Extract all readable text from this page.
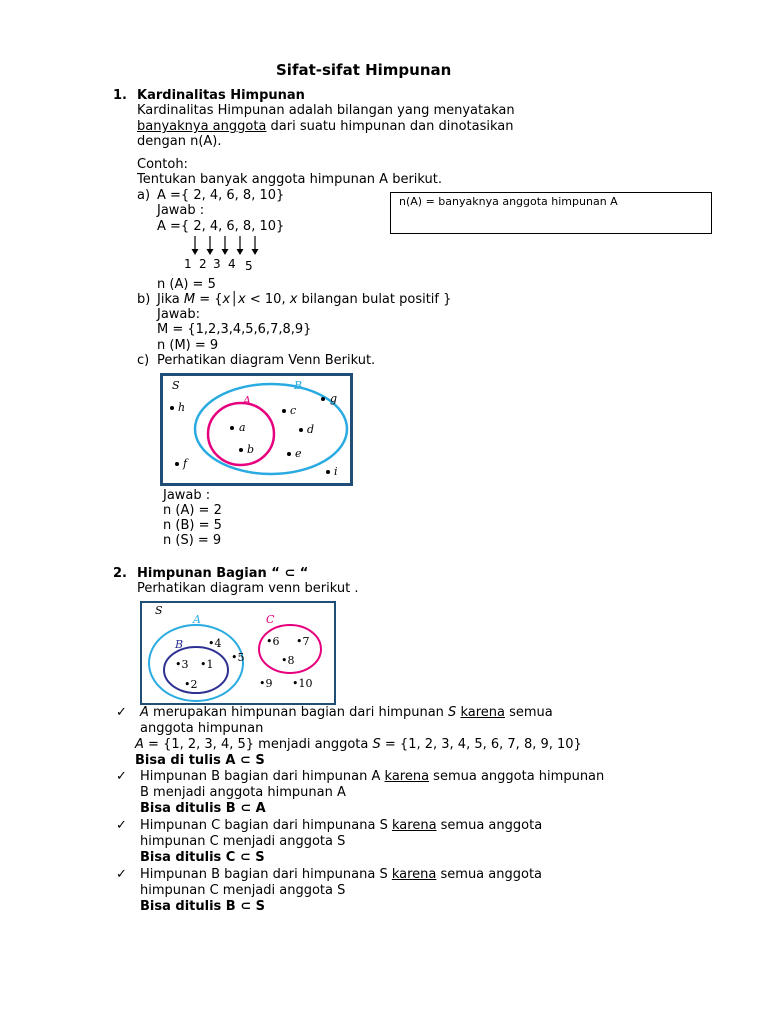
Sifat-sifat Himpunan
1. Kardinalitas Himpunan
Kardinalitas Himpunan adalah bilangan yang menyatakan
banyaknya anggota dari suatu himpunan dan dinotasikan
dengan n(A).
Contoh:
Tentukan banyak anggota himpunan A berikut.
a) A ={ 2, 4, 6, 8, 10}
Jawab :
A ={ 2, 4, 6, 8, 10}
n(A) = banyaknya anggota himpunan A
1 2 3 4 5
n (A) = 5
b) Jika M = {x│x < 10, x bilangan bulat positif }
Jawab:
M = {1,2,3,4,5,6,7,8,9}
n (M) = 9
c) Perhatikan diagram Venn Berikut.
S	B
A
h
g
c
a	d
b	e
f
i
Jawab :
n (A) = 2
n (B) = 5
n (S) = 9
2. Himpunan Bagian “ ⊂ “
Perhatikan diagram venn berikut .
S
A
B
C
•4
•5
•3 •1
•2
•6 •7
•8
•9 •10
✓ A merupakan himpunan bagian dari himpunan S karena semua
anggota himpunan
A = {1, 2, 3, 4, 5} menjadi anggota S = {1, 2, 3, 4, 5, 6, 7, 8, 9, 10}
Bisa di tulis A ⊂ S
✓ Himpunan B bagian dari himpunan A karena semua anggota himpunan
B menjadi anggota himpunan A
Bisa ditulis B ⊂ A
✓ Himpunan C bagian dari himpunana S karena semua anggota
himpunan C menjadi anggota S
Bisa ditulis C ⊂ S
✓ Himpunan B bagian dari himpunana S karena semua anggota
himpunan C menjadi anggota S
Bisa ditulis B ⊂ S
